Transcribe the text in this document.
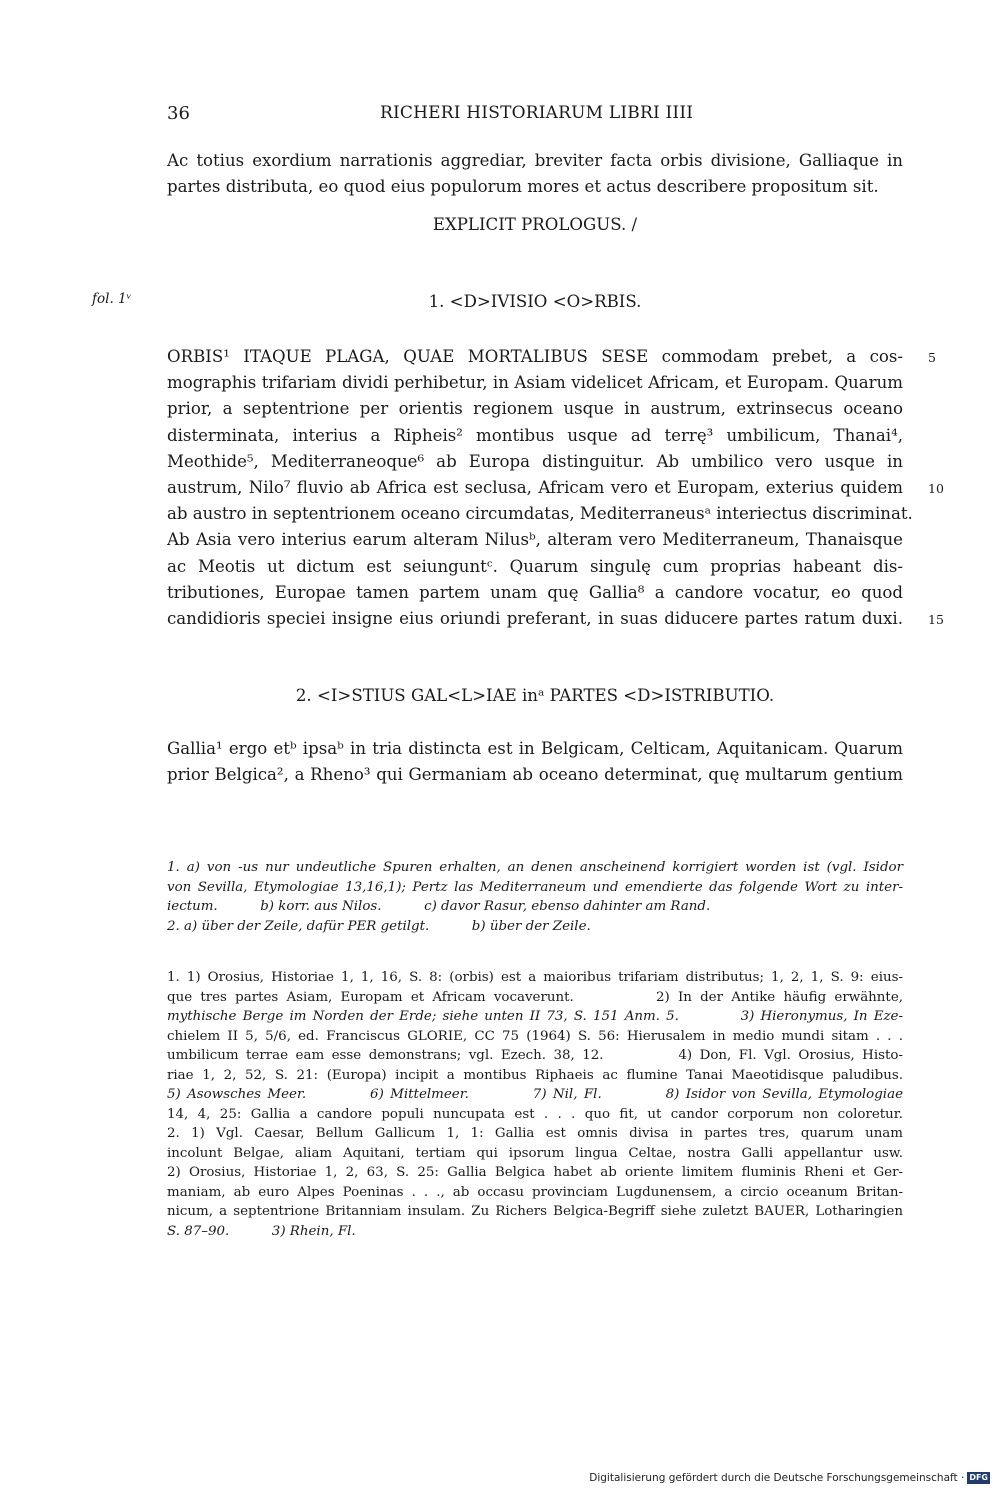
36	RICHERI HISTORIARUM LIBRI IIII
Ac totius exordium narrationis aggrediar, breviter facta orbis divisione, Galliaque in
partes distributa, eo quod eius populorum mores et actus describere propositum sit.
EXPLICIT PROLOGUS. /
fol. 1ᵛ	1. <D>IVISIO <O>RBIS.
ORBIS¹ ITAQUE PLAGA, QUAE MORTALIBUS SESE commodam prebet, a cos-
mographis trifariam dividi perhibetur, in Asiam videlicet Africam, et Europam. Quarum
prior, a septentrione per orientis regionem usque in austrum, extrinsecus oceano
disterminata, interius a Ripheis² montibus usque ad terrę³ umbilicum, Thanai⁴,
Meothide⁵, Mediterraneoque⁶ ab Europa distinguitur. Ab umbilico vero usque in
austrum, Nilo⁷ fluvio ab Africa est seclusa, Africam vero et Europam, exterius quidem
ab austro in septentrionem oceano circumdatas, Mediterraneusᵃ interiectus discriminat.
Ab Asia vero interius earum alteram Nilusᵇ, alteram vero Mediterraneum, Thanaisque
ac Meotis ut dictum est seiunguntᶜ. Quarum singulę cum proprias habeant dis-
tributiones, Europae tamen partem unam quę Gallia⁸ a candore vocatur, eo quod
candidioris speciei insigne eius oriundi preferant, in suas diducere partes ratum duxi.
5
10
15
2. <I>STIUS GAL<L>IAE inᵃ PARTES <D>ISTRIBUTIO.
Gallia¹ ergo etᵇ ipsaᵇ in tria distincta est in Belgicam, Celticam, Aquitanicam. Quarum
prior Belgica², a Rheno³ qui Germaniam ab oceano determinat, quę multarum gentium
1. a) von -us nur undeutliche Spuren erhalten, an denen anscheinend korrigiert worden ist (vgl. Isidor
von Sevilla, Etymologiae 13,16,1); Pertz las Mediterraneum und emendierte das folgende Wort zu inter-
iectum.          b) korr. aus Nilos.          c) davor Rasur, ebenso dahinter am Rand.
2. a) über der Zeile, dafür PER getilgt.          b) über der Zeile.
1. 1) Orosius, Historiae 1, 1, 16, S. 8: (orbis) est a maioribus trifariam distributus; 1, 2, 1, S. 9: eius-
que tres partes Asiam, Europam et Africam vocaverunt.          2) In der Antike häufig erwähnte,
mythische Berge im Norden der Erde; siehe unten II 73, S. 151 Anm. 5.          3) Hieronymus, In Eze-
chielem II 5, 5/6, ed. Franciscus GLORIE, CC 75 (1964) S. 56: Hierusalem in medio mundi sitam . . .
umbilicum terrae eam esse demonstrans; vgl. Ezech. 38, 12.          4) Don, Fl. Vgl. Orosius, Histo-
riae 1, 2, 52, S. 21: (Europa) incipit a montibus Riphaeis ac flumine Tanai Maeotidisque paludibus.
5) Asowsches Meer.          6) Mittelmeer.          7) Nil, Fl.          8) Isidor von Sevilla, Etymologiae
14, 4, 25: Gallia a candore populi nuncupata est . . . quo fit, ut candor corporum non coloretur.
2. 1) Vgl. Caesar, Bellum Gallicum 1, 1: Gallia est omnis divisa in partes tres, quarum unam
incolunt Belgae, aliam Aquitani, tertiam qui ipsorum lingua Celtae, nostra Galli appellantur usw.
2) Orosius, Historiae 1, 2, 63, S. 25: Gallia Belgica habet ab oriente limitem fluminis Rheni et Ger-
maniam, ab euro Alpes Poeninas . . ., ab occasu provinciam Lugdunensem, a circio oceanum Britan-
nicum, a septentrione Britanniam insulam. Zu Richers Belgica-Begriff siehe zuletzt BAUER, Lotharingien
S. 87–90.          3) Rhein, Fl.
Digitalisierung gefördert durch die Deutsche Forschungsgemeinschaft · DFG
